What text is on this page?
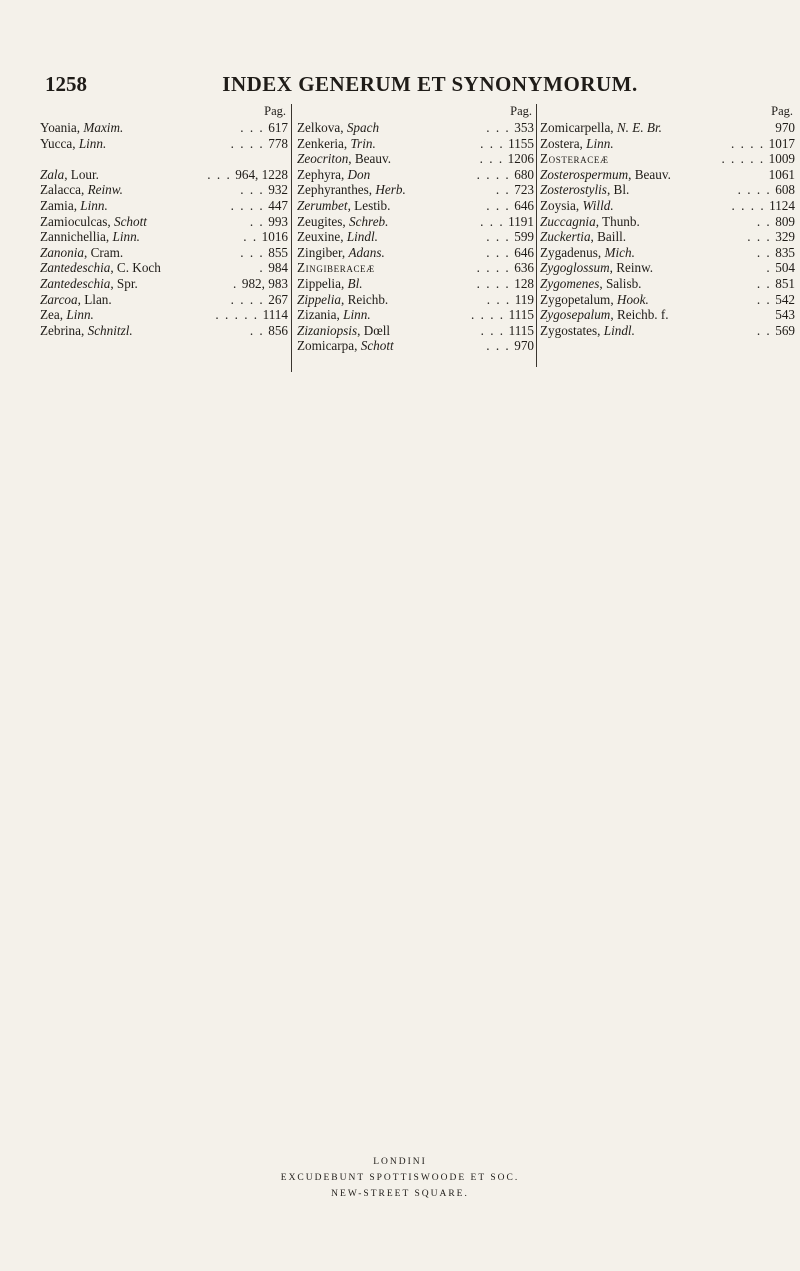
1258	INDEX GENERUM ET SYNONYMORUM.
Pag.
Yoania, Maxim.	617
. . .
Yucca, Linn.	778
. . . .
Zala, Lour.	964, 1228
. . .
Zalacca, Reinw.	932
. . .
Zamia, Linn.	447
. . . .
Zamioculcas, Schott	993
. .
Zannichellia, Linn.	1016
. .
Zanonia, Cram.	855
. . .
Zantedeschia, C. Koch	984
.
Zantedeschia, Spr.	982, 983
.
Zarcoa, Llan.	267
. . . .
Zea, Linn.	1114
. . . . .
Zebrina, Schnitzl.	856
. .
Pag.
Zelkova, Spach	353
. . .
Zenkeria, Trin.	1155
. . .
Zeocriton, Beauv.	1206
. . .
Zephyra, Don	680
. . . .
Zephyranthes, Herb.	723
. .
Zerumbet, Lestib.	646
. . .
Zeugites, Schreb.	1191
. . .
Zeuxine, Lindl.	599
. . .
Zingiber, Adans.	646
. . .
Zingiberaceæ	636
. . . .
Zippelia, Bl.	128
. . . .
Zippelia, Reichb.	119
. . .
Zizania, Linn.	1115
. . . .
Zizaniopsis, Dœll	1115
. . .
Zomicarpa, Schott	970
. . .
Pag.
Zomicarpella, N. E. Br.	970
Zostera, Linn.	1017
. . . .
Zosteraceæ	1009
. . . . .
Zosterospermum, Beauv.	1061
Zosterostylis, Bl.	608
. . . .
Zoysia, Willd.	1124
. . . .
Zuccagnia, Thunb.	809
. .
Zuckertia, Baill.	329
. . .
Zygadenus, Mich.	835
. .
Zygoglossum, Reinw.	504
.
Zygomenes, Salisb.	851
. .
Zygopetalum, Hook.	542
. .
Zygosepalum, Reichb. f.	543
Zygostates, Lindl.	569
. .
LONDINI
EXCUDEBUNT SPOTTISWOODE ET SOC.
NEW-STREET SQUARE.
